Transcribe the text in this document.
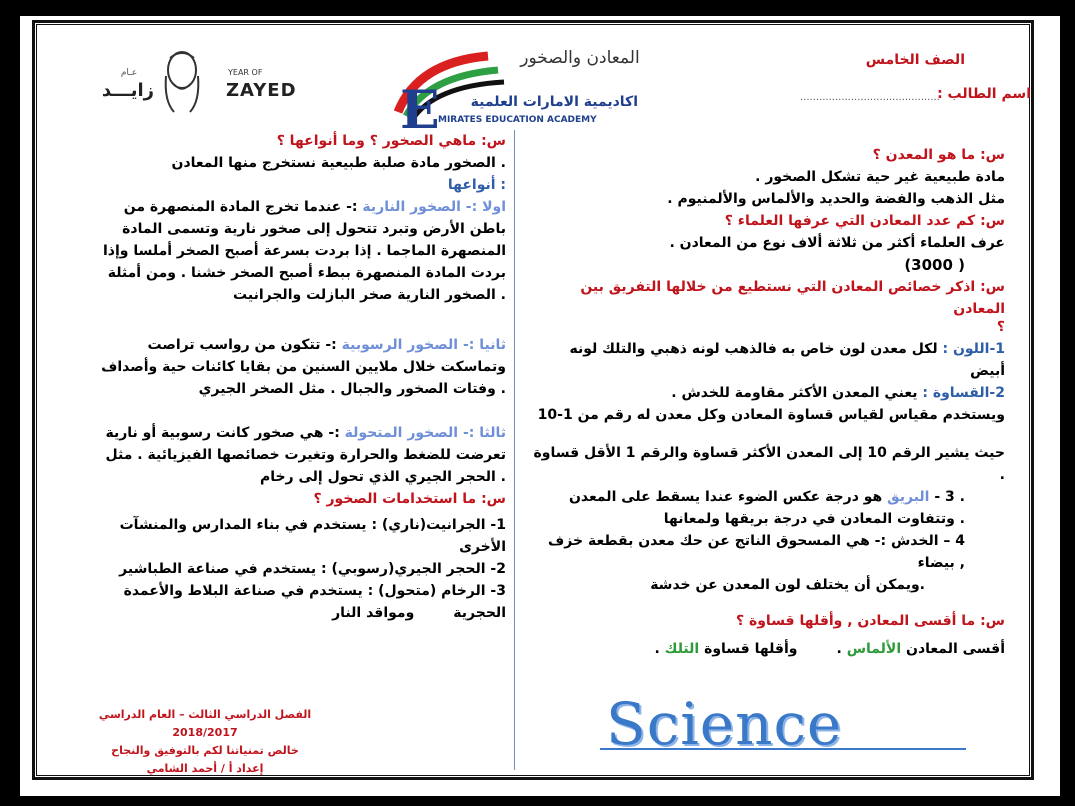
الصف الخامس
اسم الطالب :
............................................
المعادن والصخور
E	اكاديمية الامارات العلمية
MIRATES EDUCATION ACADEMY
YEAR OF
ZAYED
عـام
زايـــد
س: ما هو المعدن ؟
مادة طبيعية غير حية تشكل الصخور .
مثل الذهب والفضة والحديد والألماس والألمنيوم .
س: كم عدد المعادن التي عرفها العلماء ؟
عرف العلماء أكثر من ثلاثة ألاف نوع من المعادن .
( 3000)
س: اذكر خصائص المعادن التي نستطيع من خلالها التفريق بين
المعادن
؟
1-اللون : لكل معدن لون خاص به فالذهب لونه ذهبي والتلك لونه
أبيض
2-القساوة : يعني المعدن الأكثر مقاومة للخدش .
ويستخدم مقياس لقياس قساوة المعادن وكل معدن له رقم من 1-10
حيث يشير الرقم 10 إلى المعدن الأكثر قساوة والرقم 1 الأقل قساوة
.
. 3 - البريق هو درجة عكس الضوء عندا يسقط على المعدن
. وتتفاوت المعادن في درجة بريقها ولمعانها
4 – الخدش :- هي المسحوق الناتج عن حك معدن بقطعة خزف
, بيضاء
.ويمكن أن يختلف لون المعدن عن خدشة
س: ما أقسى المعادن , وأقلها قساوة ؟
أقسى المعادن الألماس .        وأقلها قساوة التلك .
Science
س: ماهي الصخور ؟ وما أنواعها ؟
. الصخور مادة صلبة طبيعية نستخرج منها المعادن
: أنواعها
اولا :- الصخور النارية :- عندما تخرج المادة المنصهرة من
باطن الأرض وتبرد تتحول إلى صخور نارية وتسمى المادة
المنصهرة الماجما . إذا بردت بسرعة أصبح الصخر أملسا وإذا
بردت المادة المنصهرة ببطء أصبح الصخر خشنا . ومن أمثلة
. الصخور النارية صخر البازلت والجرانيت
ثانيا :- الصخور الرسوبية :- تتكون من رواسب تراصت
وتماسكت خلال ملايين السنين من بقايا كائنات حية وأصداف
. وفتات الصخور والجبال . مثل الصخر الجيري
ثالثا :- الصخور المتحولة :- هي صخور كانت رسوبية أو نارية
تعرضت للضغط والحرارة وتغيرت خصائصها الفيزيائية . مثل
. الحجر الجيري الذي تحول إلى رخام
س: ما استخدامات الصخور ؟
1- الجرانيت(ناري) : يستخدم في بناء المدارس والمنشآت
الأخرى
2- الحجر الجيري(رسوبي) : يستخدم في صناعة الطباشير
3- الرخام (متحول) : يستخدم في صناعة البلاط والأعمدة
الحجرية        ومواقد النار
الفصل الدراسي الثالث – العام الدراسي 2018/2017
خالص تمنياتنا لكم بالتوفيق والنجاح
إعداد أ / أحمد الشامي
